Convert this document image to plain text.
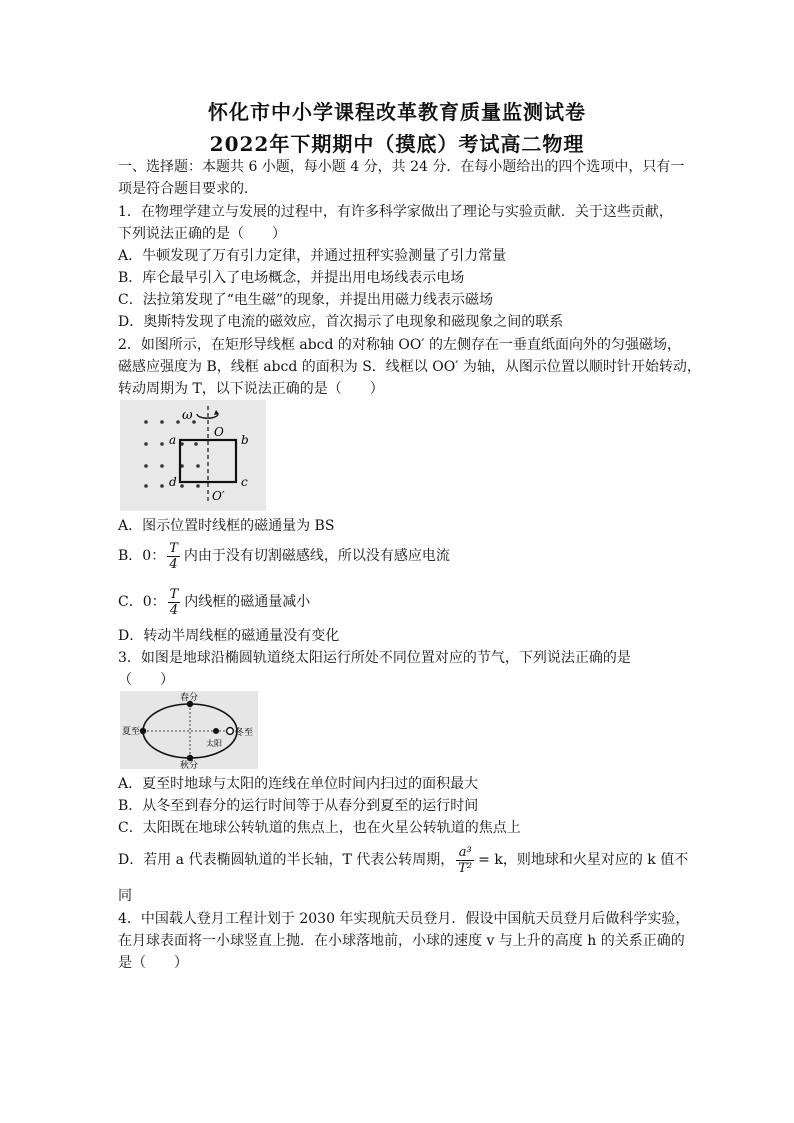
怀化市中小学课程改革教育质量监测试卷
2022年下期期中（摸底）考试高二物理
一、选择题：本题共 6 小题，每小题 4 分，共 24 分．在每小题给出的四个选项中，只有一
项是符合题目要求的．
1．在物理学建立与发展的过程中，有许多科学家做出了理论与实验贡献．关于这些贡献，
下列说法正确的是（　　）
A．牛顿发现了万有引力定律，并通过扭秤实验测量了引力常量
B．库仑最早引入了电场概念，并提出用电场线表示电场
C．法拉第发现了“电生磁”的现象，并提出用磁力线表示磁场
D．奥斯特发现了电流的磁效应，首次揭示了电现象和磁现象之间的联系
2．如图所示，在矩形导线框 abcd 的对称轴 OO′ 的左侧存在一垂直纸面向外的匀强磁场，
磁感应强度为 B，线框 abcd 的面积为 S．线框以 OO′ 为轴，从图示位置以顺时针开始转动，
转动周期为 T，以下说法正确的是（　　）
ω
O
O′
a	b
c
d
A．图示位置时线框的磁通量为 BS
B．0： $\frac{T}{4}$ 内由于没有切割磁感线，所以没有感应电流
C．0： $\frac{T}{4}$ 内线框的磁通量减小
D．转动半周线框的磁通量没有变化
3．如图是地球沿椭圆轨道绕太阳运行所处不同位置对应的节气，下列说法正确的是
（　　）
春分
夏至
秋分
冬至
太阳
A．夏至时地球与太阳的连线在单位时间内扫过的面积最大
B．从冬至到春分的运行时间等于从春分到夏至的运行时间
C．太阳既在地球公转轨道的焦点上，也在火星公转轨道的焦点上
D．若用 a 代表椭圆轨道的半长轴，T 代表公转周期， $\frac{\text{a³}}{\text{T²}} = k$，则地球和火星对应的 k 值不
同
4．中国载人登月工程计划于 2030 年实现航天员登月．假设中国航天员登月后做科学实验，
在月球表面将一小球竖直上抛．在小球落地前，小球的速度 v 与上升的高度 h 的关系正确的
是（　　）
